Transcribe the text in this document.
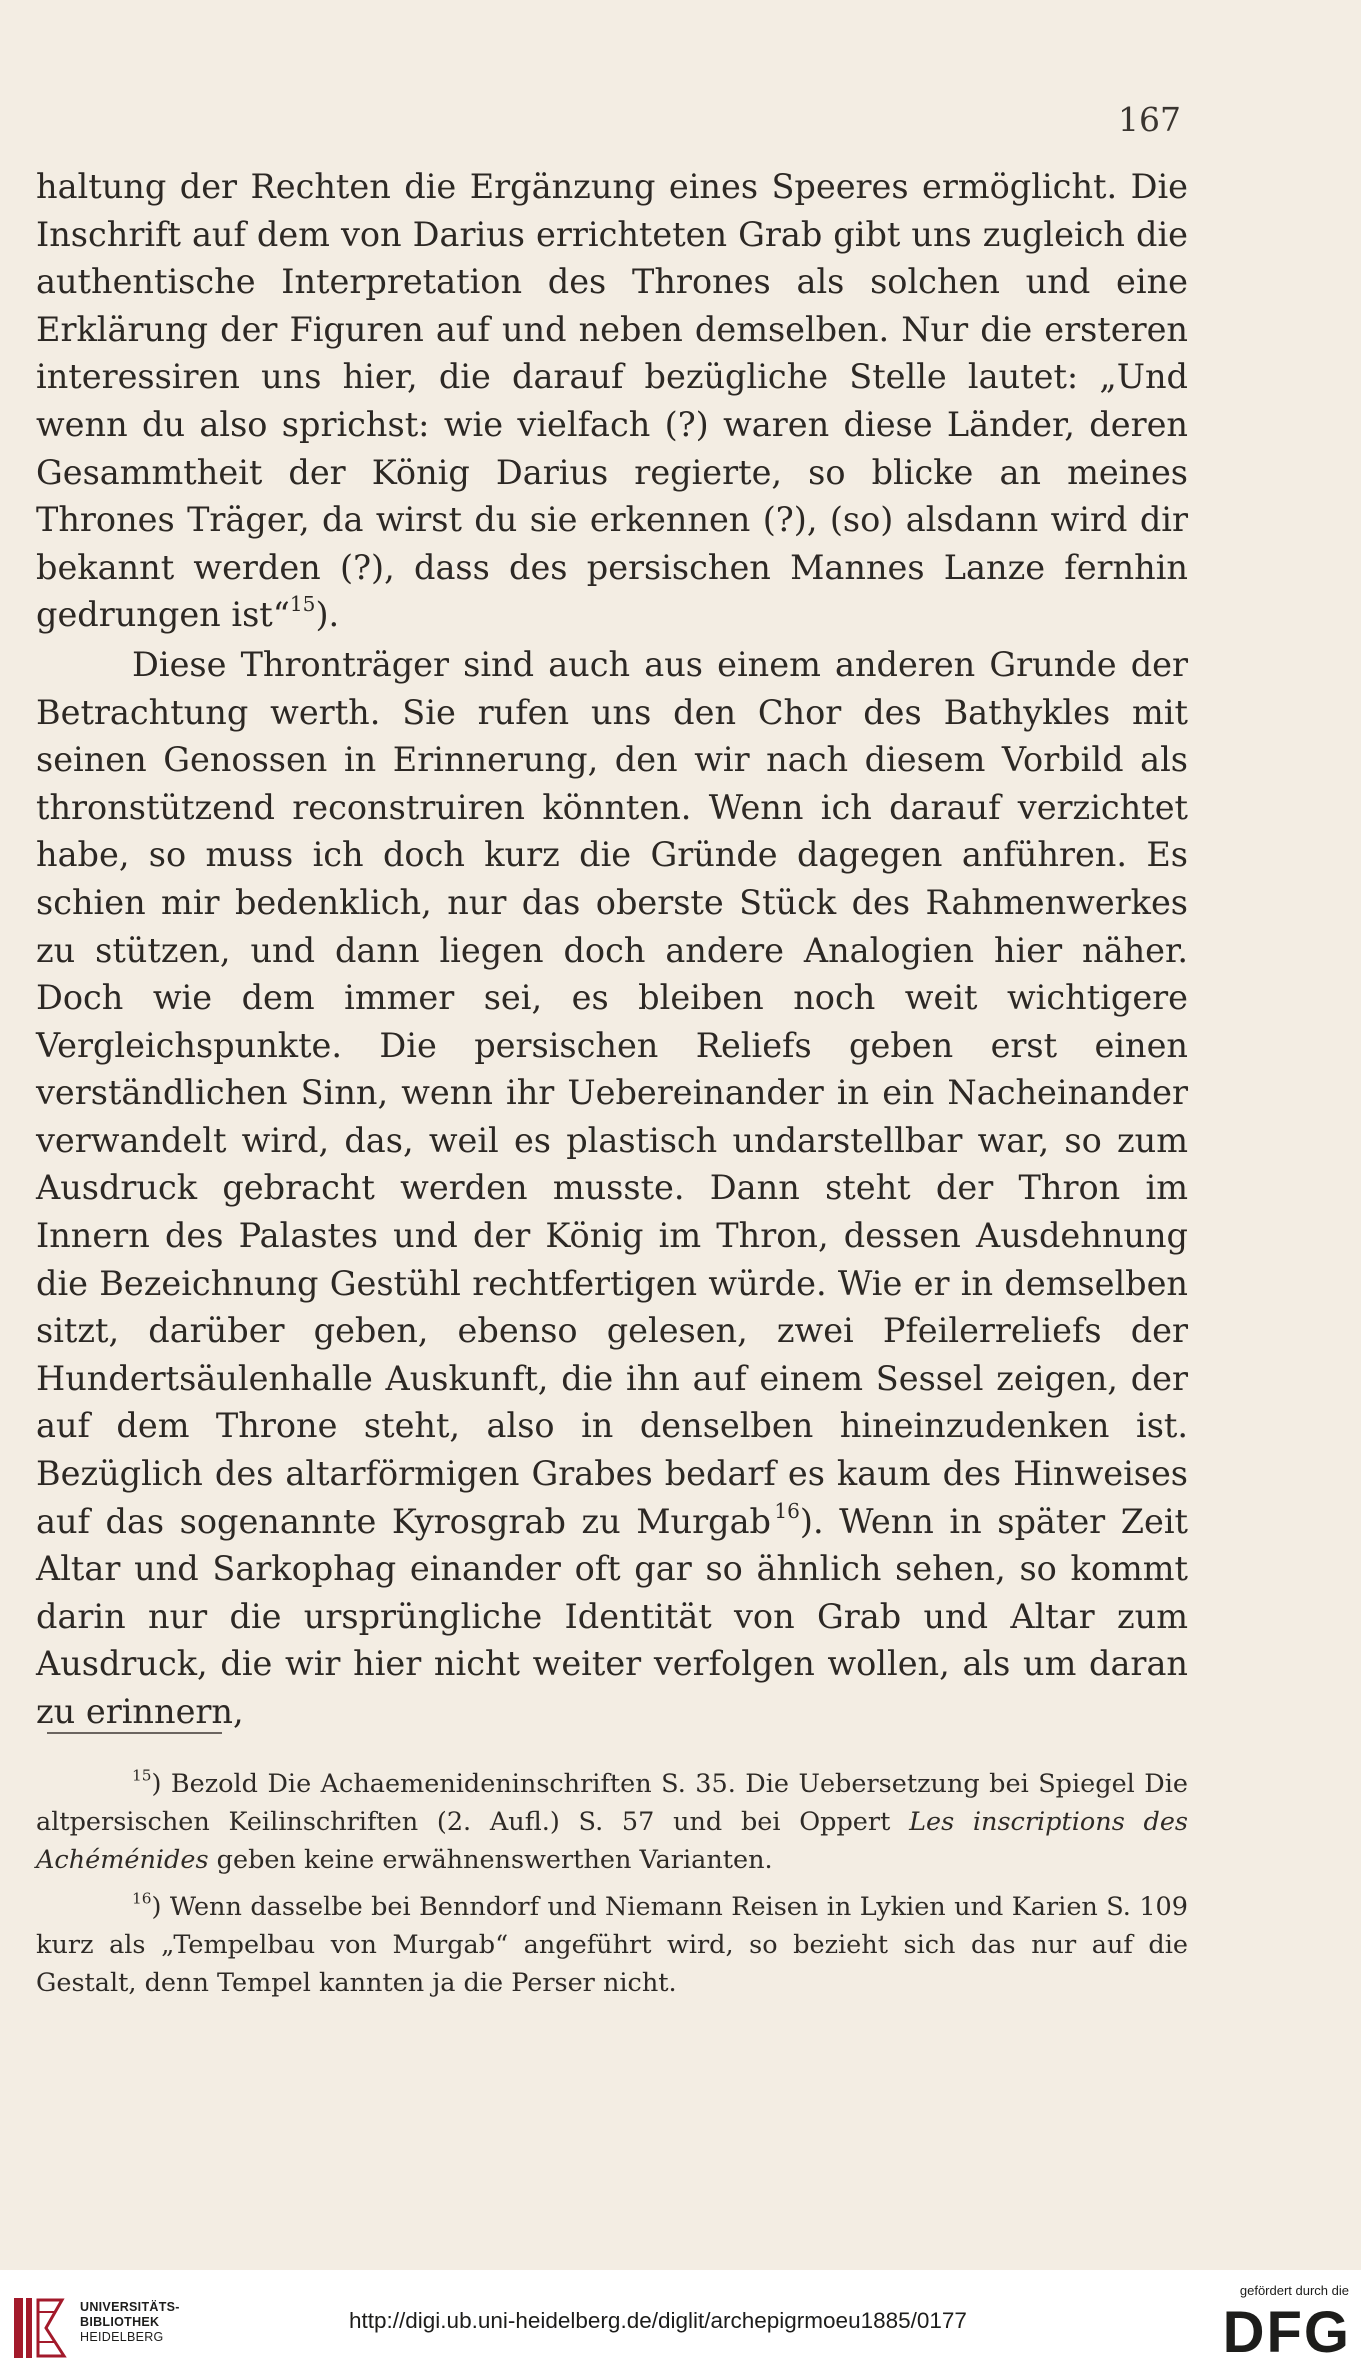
167

haltung der Rechten die Ergänzung eines Speeres ermöglicht. Die Inschrift auf dem von Darius errichteten Grab gibt uns zugleich die authentische Interpretation des Thrones als solchen und eine Erklärung der Figuren auf und neben demselben. Nur die ersteren interessiren uns hier, die darauf bezügliche Stelle lautet: „Und wenn du also sprichst: wie vielfach (?) waren diese Länder, deren Gesammtheit der König Darius regierte, so blicke an meines Thrones Träger, da wirst du sie erkennen (?), (so) alsdann wird dir bekannt werden (?), dass des persischen Mannes Lanze fernhin gedrungen ist“$^{15}$).

Diese Thronträger sind auch aus einem anderen Grunde der Betrachtung werth. Sie rufen uns den Chor des Bathykles mit seinen Genossen in Erinnerung, den wir nach diesem Vorbild als thronstützend reconstruiren könnten. Wenn ich darauf verzichtet habe, so muss ich doch kurz die Gründe dagegen anführen. Es schien mir bedenklich, nur das oberste Stück des Rahmenwerkes zu stützen, und dann liegen doch andere Analogien hier näher. Doch wie dem immer sei, es bleiben noch weit wichtigere Vergleichspunkte. Die persischen Reliefs geben erst einen verständlichen Sinn, wenn ihr Uebereinander in ein Nacheinander verwandelt wird, das, weil es plastisch undarstellbar war, so zum Ausdruck gebracht werden musste. Dann steht der Thron im Innern des Palastes und der König im Thron, dessen Ausdehnung die Bezeichnung Gestühl rechtfertigen würde. Wie er in demselben sitzt, darüber geben, ebenso gelesen, zwei Pfeilerreliefs der Hundertsäulenhalle Auskunft, die ihn auf einem Sessel zeigen, der auf dem Throne steht, also in denselben hineinzudenken ist. Bezüglich des altarförmigen Grabes bedarf es kaum des Hinweises auf das sogenannte Kyrosgrab zu Murgab  $^{16}$). Wenn in später Zeit Altar und Sarkophag einander oft gar so ähnlich sehen, so kommt darin nur die ursprüngliche Identität von Grab und Altar zum Ausdruck, die wir hier nicht weiter verfolgen wollen, als um daran zu erinnern,

$^{15}$) Bezold Die Achaemenideninschriften S. 35. Die Uebersetzung bei Spiegel Die altpersischen Keilinschriften (2. Aufl.) S. 57 und bei Oppert Les inscriptions des Achéménides geben keine erwähnenswerthen Varianten.

$^{16}$) Wenn dasselbe bei Benndorf und Niemann Reisen in Lykien und Karien S. 109 kurz als „Tempelbau von Murgab“ angeführt wird, so bezieht sich das nur auf die Gestalt, denn Tempel kannten ja die Perser nicht.

UNIVERSITÄTS-
BIBLIOTHEK
HEIDELBERG
http://digi.ub.uni-heidelberg.de/diglit/archepigrmoeu1885/0177
gefördert durch die
DFG
